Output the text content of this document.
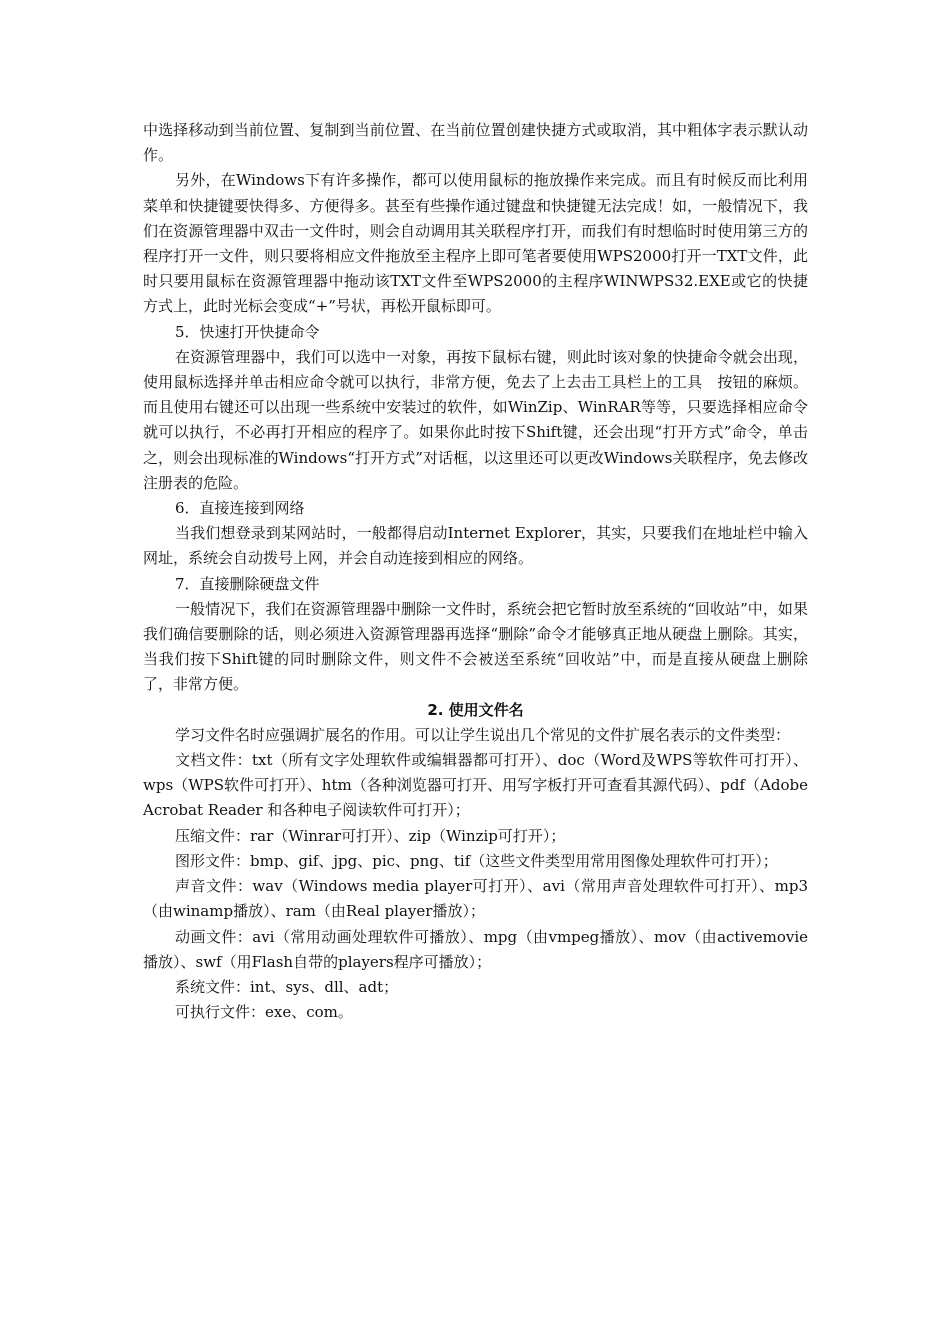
中选择移动到当前位置、复制到当前位置、在当前位置创建快捷方式或取消，其中粗体字表示默认动作。

另外，在Windows下有许多操作，都可以使用鼠标的拖放操作来完成。而且有时候反而比利用菜单和快捷键要快得多、方便得多。甚至有些操作通过键盘和快捷键无法完成！如，一般情况下，我们在资源管理器中双击一文件时，则会自动调用其关联程序打开，而我们有时想临时时使用第三方的程序打开一文件，则只要将相应文件拖放至主程序上即可笔者要使用WPS2000打开一TXT文件，此时只要用鼠标在资源管理器中拖动该TXT文件至WPS2000的主程序WINWPS32.EXE或它的快捷方式上，此时光标会变成“+”号状，再松开鼠标即可。

5．快速打开快捷命令

在资源管理器中，我们可以选中一对象，再按下鼠标右键，则此时该对象的快捷命令就会出现，使用鼠标选择并单击相应命令就可以执行，非常方便，免去了上去击工具栏上的工具　按钮的麻烦。而且使用右键还可以出现一些系统中安装过的软件，如WinZip、WinRAR等等，只要选择相应命令就可以执行，不必再打开相应的程序了。如果你此时按下Shift键，还会出现“打开方式”命令，单击之，则会出现标准的Windows“打开方式”对话框，以这里还可以更改Windows关联程序，免去修改注册表的危险。

6．直接连接到网络

当我们想登录到某网站时，一般都得启动Internet Explorer，其实，只要我们在地址栏中输入网址，系统会自动拨号上网，并会自动连接到相应的网络。

7．直接删除硬盘文件

一般情况下，我们在资源管理器中删除一文件时，系统会把它暂时放至系统的“回收站”中，如果我们确信要删除的话，则必须进入资源管理器再选择“删除”命令才能够真正地从硬盘上删除。其实，当我们按下Shift键的同时删除文件，则文件不会被送至系统“回收站”中，而是直接从硬盘上删除了，非常方便。

2. 使用文件名

学习文件名时应强调扩展名的作用。可以让学生说出几个常见的文件扩展名表示的文件类型：

文档文件：txt（所有文字处理软件或编辑器都可打开）、doc（Word及WPS等软件可打开）、wps（WPS软件可打开）、htm（各种浏览器可打开、用写字板打开可查看其源代码）、pdf（Adobe Acrobat Reader 和各种电子阅读软件可打开）；

压缩文件：rar（Winrar可打开）、zip（Winzip可打开）；

图形文件：bmp、gif、jpg、pic、png、tif（这些文件类型用常用图像处理软件可打开）；

声音文件：wav（Windows media player可打开）、avi（常用声音处理软件可打开）、mp3（由winamp播放）、ram（由Real player播放）；

动画文件：avi（常用动画处理软件可播放）、mpg（由vmpeg播放）、mov（由activemovie播放）、swf（用Flash自带的players程序可播放）；

系统文件：int、sys、dll、adt；

可执行文件：exe、com。
